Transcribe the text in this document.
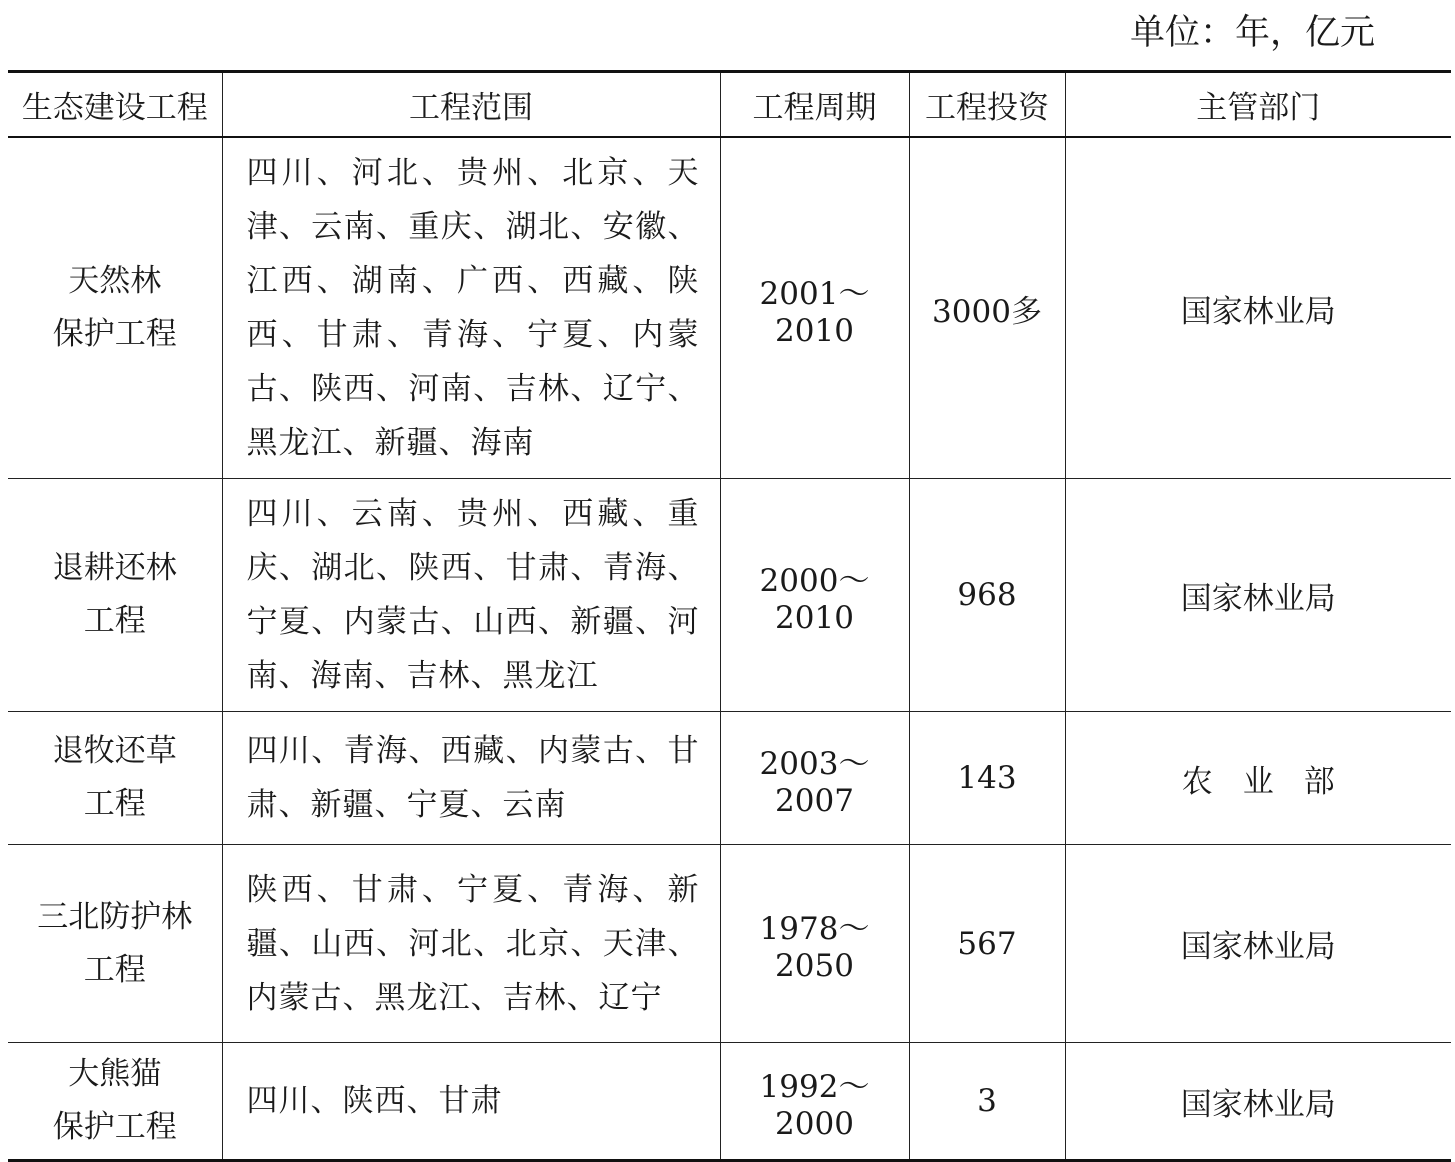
单位：年，亿元
生态建设工程	工程范围	工程周期	工程投资	主管部门

天然林
保护工程	四川、河北、贵州、北京、天津、云南、重庆、湖北、安徽、江西、湖南、广西、西藏、陕西、甘肃、青海、宁夏、内蒙古、陕西、河南、吉林、辽宁、黑龙江、新疆、海南	2001～2010	3000多	国家林业局

退耕还林
工程	四川、云南、贵州、西藏、重庆、湖北、陕西、甘肃、青海、宁夏、内蒙古、山西、新疆、河南、海南、吉林、黑龙江	2000～2010	968	国家林业局

退牧还草
工程	四川、青海、西藏、内蒙古、甘肃、新疆、宁夏、云南	2003～2007	143	农业部

三北防护林
工程	陕西、甘肃、宁夏、青海、新疆、山西、河北、北京、天津、内蒙古、黑龙江、吉林、辽宁	1978～2050	567	国家林业局

大熊猫
保护工程	四川、陕西、甘肃	1992～2000	3	国家林业局
